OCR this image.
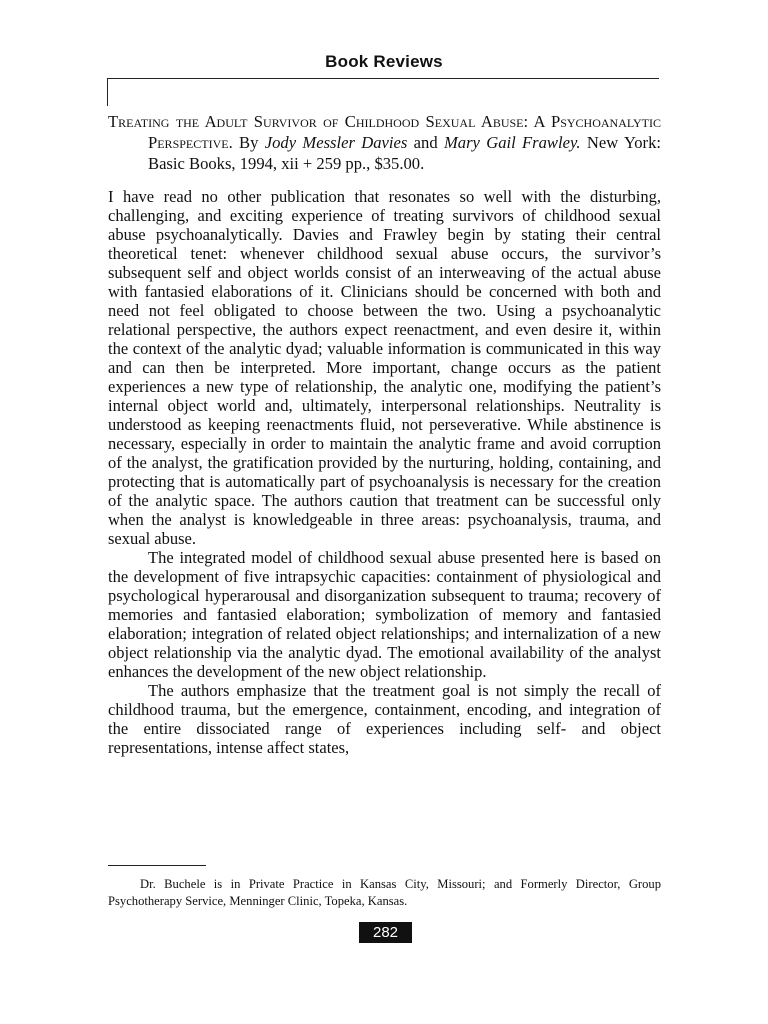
Book Reviews
Treating the Adult Survivor of Childhood Sexual Abuse: A Psychoanalytic Perspective. By Jody Messler Davies and Mary Gail Frawley. New York: Basic Books, 1994, xii + 259 pp., $35.00.

I have read no other publication that resonates so well with the disturbing, challenging, and exciting experience of treating survivors of childhood sexual abuse psychoanalytically. Davies and Frawley begin by stating their central theoretical tenet: whenever childhood sexual abuse occurs, the survivor’s subsequent self and object worlds consist of an interweaving of the actual abuse with fantasied elaborations of it. Clinicians should be concerned with both and need not feel obligated to choose between the two. Using a psychoanalytic relational perspective, the authors expect reenactment, and even desire it, within the context of the analytic dyad; valuable information is communicated in this way and can then be interpreted. More important, change occurs as the patient experiences a new type of relationship, the analytic one, modifying the patient’s internal object world and, ultimately, interpersonal relationships. Neutrality is understood as keeping reenactments fluid, not perseverative. While abstinence is necessary, especially in order to maintain the analytic frame and avoid corruption of the analyst, the gratification provided by the nurturing, holding, containing, and protecting that is automatically part of psychoanalysis is necessary for the creation of the analytic space. The authors caution that treatment can be successful only when the analyst is knowledgeable in three areas: psychoanalysis, trauma, and sexual abuse.

The integrated model of childhood sexual abuse presented here is based on the development of five intrapsychic capacities: containment of physiological and psychological hyperarousal and disorganization subsequent to trauma; recovery of memories and fantasied elaboration; symbolization of memory and fantasied elaboration; integration of related object relationships; and internalization of a new object relationship via the analytic dyad. The emotional availability of the analyst enhances the development of the new object relationship.

The authors emphasize that the treatment goal is not simply the recall of childhood trauma, but the emergence, containment, encoding, and integration of the entire dissociated range of experiences including self- and object representations, intense affect states,

Dr. Buchele is in Private Practice in Kansas City, Missouri; and Formerly Director, Group Psychotherapy Service, Menninger Clinic, Topeka, Kansas.
282
